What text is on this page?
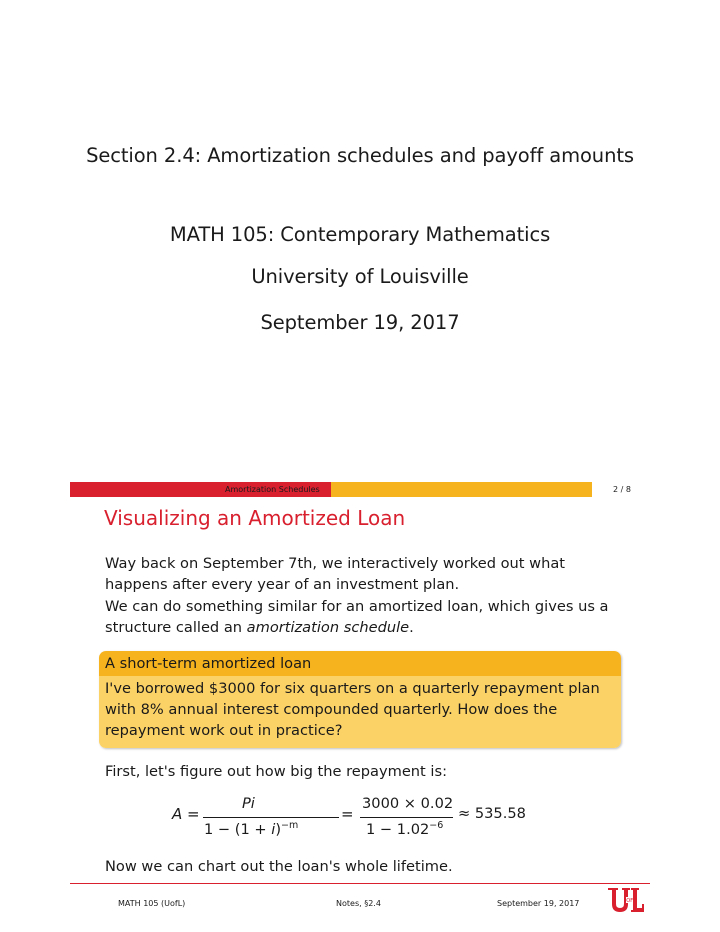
Section 2.4: Amortization schedules and payoff amounts
MATH 105: Contemporary Mathematics
University of Louisville
September 19, 2017
Amortization Schedules	2 / 8
Visualizing an Amortized Loan
Way back on September 7th, we interactively worked out what happens after every year of an investment plan.
We can do something similar for an amortized loan, which gives us a structure called an amortization schedule.
A short-term amortized loan
I've borrowed $3000 for six quarters on a quarterly repayment plan with 8% annual interest compounded quarterly. How does the repayment work out in practice?
First, let's figure out how big the repayment is:
A =
Pi
$1 - (1 + i)^{-m}$
=
3000 × 0.02
$1 - 1.02^{-6}$
≈ 535.58
Now we can chart out the loan's whole lifetime.
MATH 105 (UofL)	Notes, §2.4	September 19, 2017	OF
